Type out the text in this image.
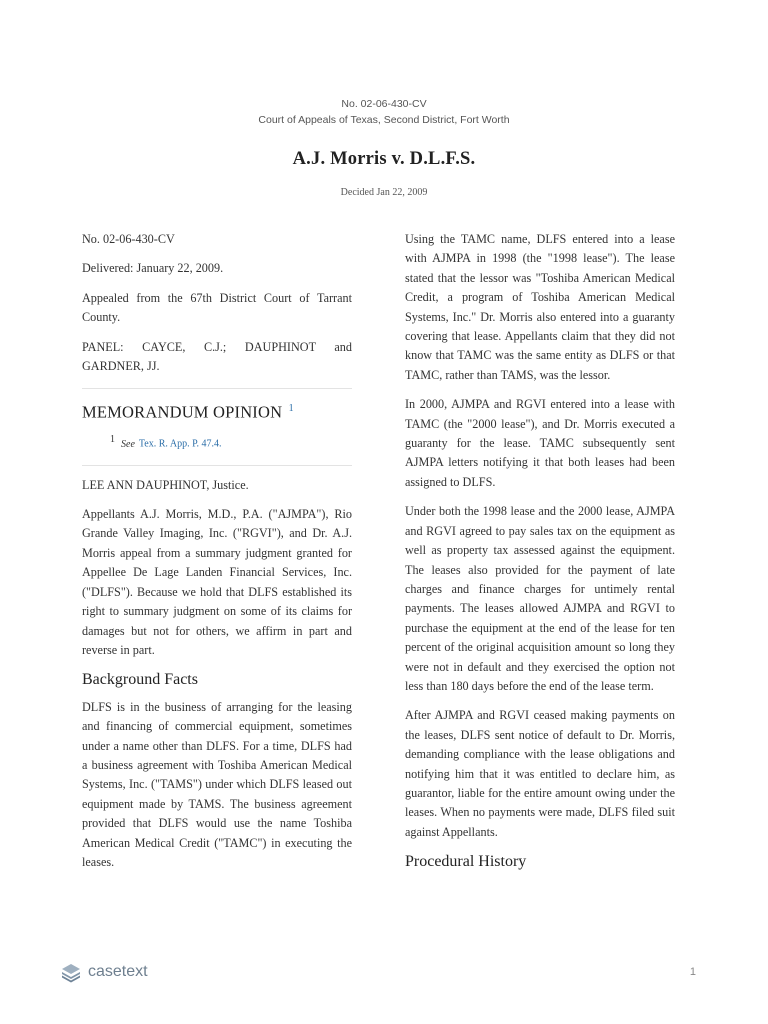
No. 02-06-430-CV
Court of Appeals of Texas, Second District, Fort Worth
A.J. Morris v. D.L.F.S.
Decided Jan 22, 2009

No. 02-06-430-CV

Delivered: January 22, 2009.

Appealed from the 67th District Court of Tarrant County.

PANEL: CAYCE, C.J.; DAUPHINOT and GARDNER, JJ.

MEMORANDUM OPINION $^1$
1 See Tex. R. App. P. 47.4.

LEE ANN DAUPHINOT, Justice.

Appellants A.J. Morris, M.D., P.A. ("AJMPA"), Rio Grande Valley Imaging, Inc. ("RGVI"), and Dr. A.J. Morris appeal from a summary judgment granted for Appellee De Lage Landen Financial Services, Inc. ("DLFS"). Because we hold that DLFS established its right to summary judgment on some of its claims for damages but not for others, we affirm in part and reverse in part.

Background Facts

DLFS is in the business of arranging for the leasing and financing of commercial equipment, sometimes under a name other than DLFS. For a time, DLFS had a business agreement with Toshiba American Medical Systems, Inc. ("TAMS") under which DLFS leased out equipment made by TAMS. The business agreement provided that DLFS would use the name Toshiba American Medical Credit ("TAMC") in executing the leases.

Using the TAMC name, DLFS entered into a lease with AJMPA in 1998 (the "1998 lease"). The lease stated that the lessor was "Toshiba American Medical Credit, a program of Toshiba American Medical Systems, Inc." Dr. Morris also entered into a guaranty covering that lease. Appellants claim that they did not know that TAMC was the same entity as DLFS or that TAMC, rather than TAMS, was the lessor.

In 2000, AJMPA and RGVI entered into a lease with TAMC (the "2000 lease"), and Dr. Morris executed a guaranty for the lease. TAMC subsequently sent AJMPA letters notifying it that both leases had been assigned to DLFS.

Under both the 1998 lease and the 2000 lease, AJMPA and RGVI agreed to pay sales tax on the equipment as well as property tax assessed against the equipment. The leases also provided for the payment of late charges and finance charges for untimely rental payments. The leases allowed AJMPA and RGVI to purchase the equipment at the end of the lease for ten percent of the original acquisition amount so long they were not in default and they exercised the option not less than 180 days before the end of the lease term.

After AJMPA and RGVI ceased making payments on the leases, DLFS sent notice of default to Dr. Morris, demanding compliance with the lease obligations and notifying him that it was entitled to declare him, as guarantor, liable for the entire amount owing under the leases. When no payments were made, DLFS filed suit against Appellants.

Procedural History
casetext	1
